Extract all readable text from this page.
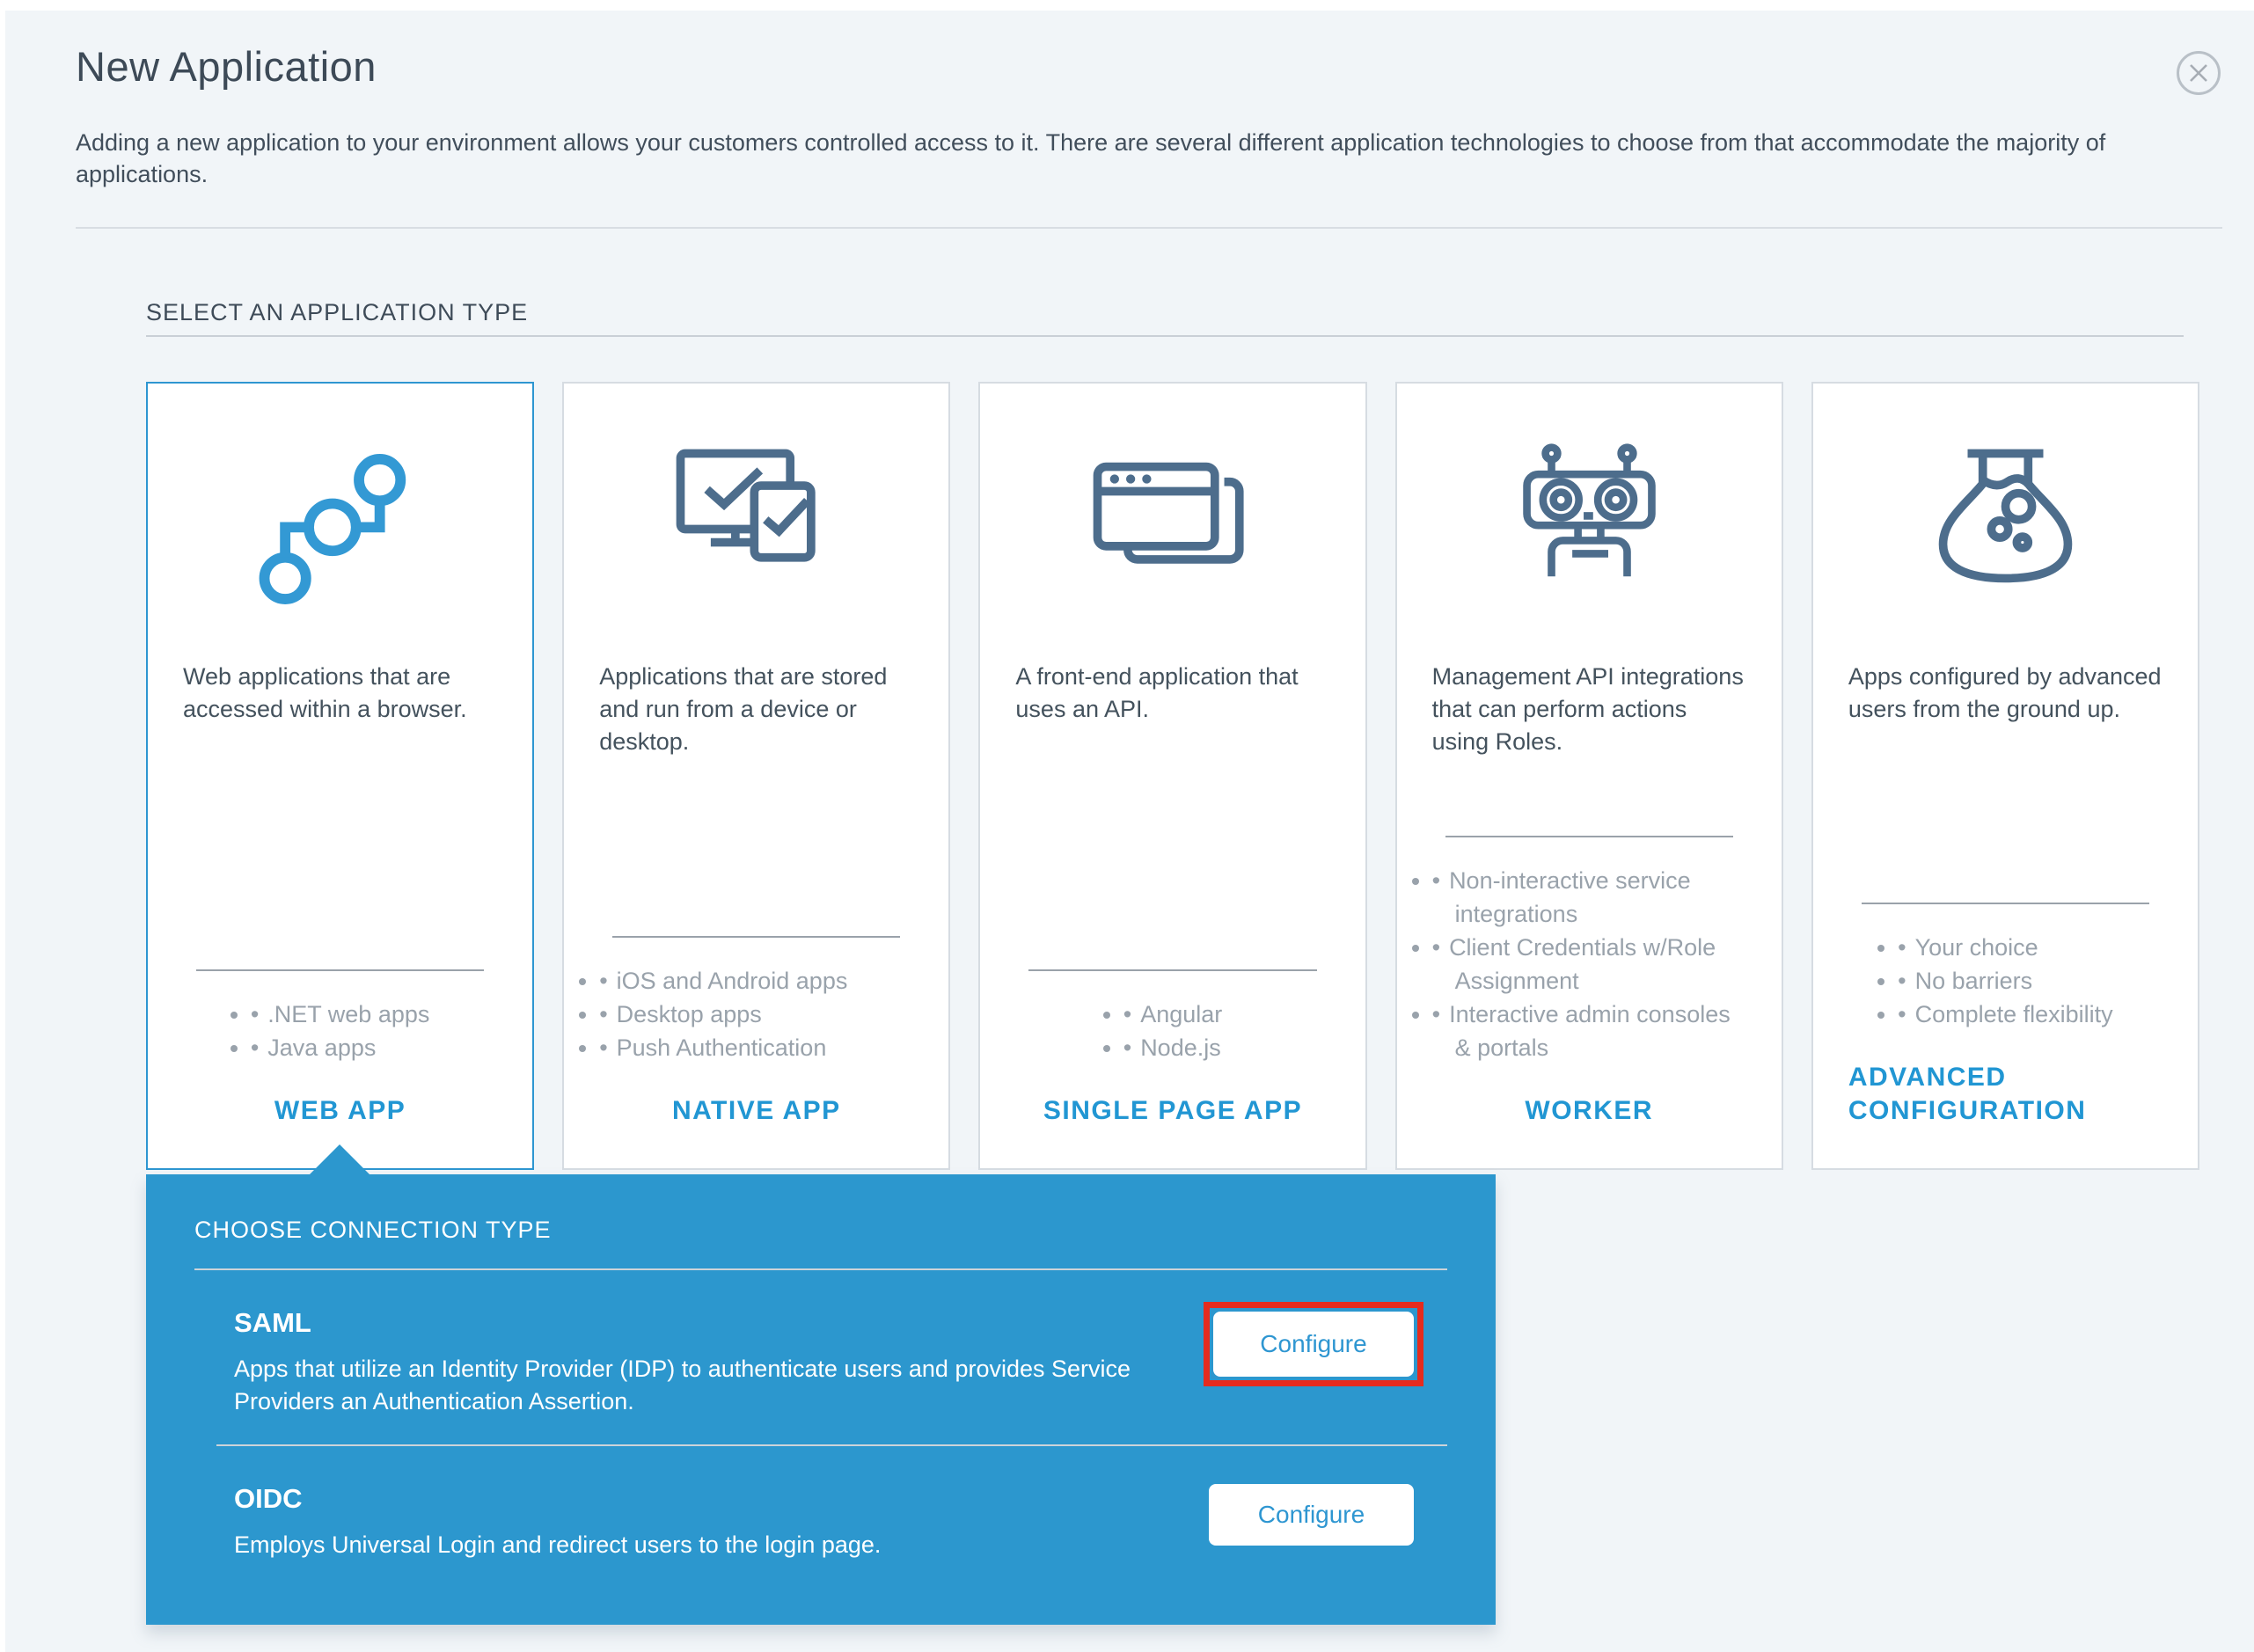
New Application
Adding a new application to your environment allows your customers controlled access to it. There are several different application technologies to choose from that accommodate the majority of applications.
SELECT AN APPLICATION TYPE
Web applications that are accessed within a browser.
• • .NET web apps
• • Java apps
WEB APP
Applications that are stored and run from a device or desktop.
• • iOS and Android apps
• • Desktop apps
• • Push Authentication
NATIVE APP
A front-end application that uses an API.
• • Angular
• • Node.js
SINGLE PAGE APP
Management API integrations that can perform actions using Roles.
• • Non-interactive service integrations
• • Client Credentials w/Role Assignment
• • Interactive admin consoles & portals
WORKER
Apps configured by advanced users from the ground up.
• • Your choice
• • No barriers
• • Complete flexibility
ADVANCED CONFIGURATION
CHOOSE CONNECTION TYPE
SAML
Apps that utilize an Identity Provider (IDP) to authenticate users and provides Service Providers an Authentication Assertion.
OIDC
Employs Universal Login and redirect users to the login page.
Configure
Configure
